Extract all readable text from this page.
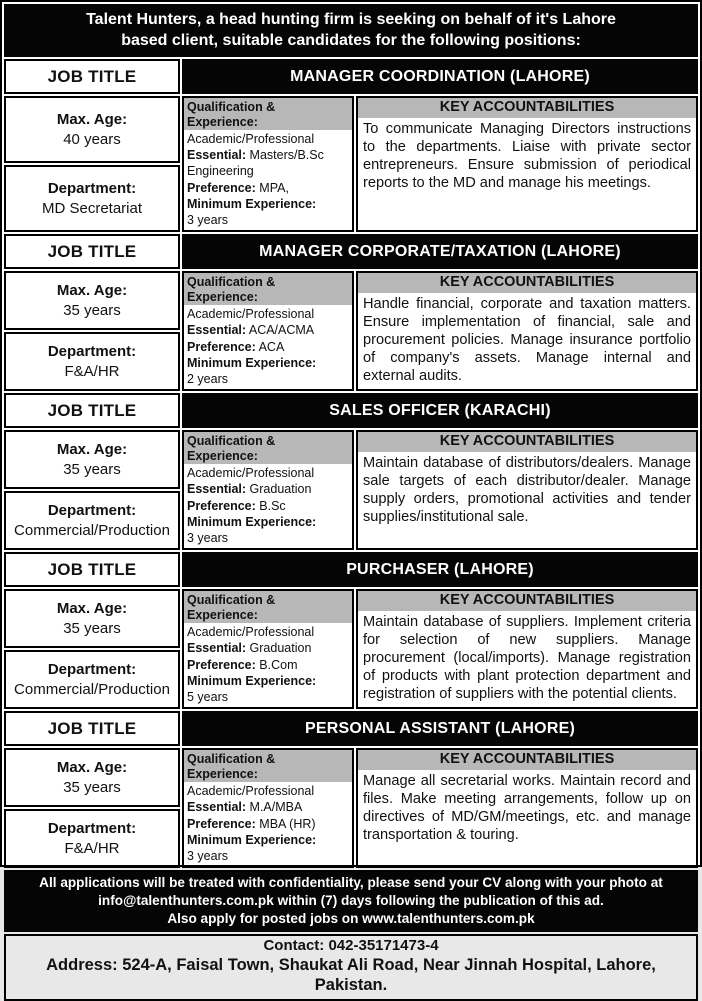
Talent Hunters, a head hunting firm is seeking on behalf of it's Lahore
based client, suitable candidates for the following positions:
JOB TITLE	MANAGER COORDINATION (LAHORE)
Max. Age:
40 years
Department:
MD Secretariat
Qualification & Experience:
Academic/Professional
Essential: Masters/B.Sc Engineering
Preference: MPA,
Minimum Experience:
3 years
KEY ACCOUNTABILITIES
To communicate Managing Directors instructions to the departments. Liaise with private sector entrepreneurs. Ensure submission of periodical reports to the MD and manage his meetings.
JOB TITLE	MANAGER CORPORATE/TAXATION (LAHORE)
Max. Age:
35 years
Department:
F&A/HR
Qualification & Experience:
Academic/Professional
Essential: ACA/ACMA
Preference: ACA
Minimum Experience:
2 years
KEY ACCOUNTABILITIES
Handle financial, corporate and taxation matters. Ensure implementation of financial, sale and procurement policies. Manage insurance portfolio of company's assets. Manage internal and external audits.
JOB TITLE	SALES OFFICER (KARACHI)
Max. Age:
35 years
Department:
Commercial/Production
Qualification & Experience:
Academic/Professional
Essential: Graduation
Preference: B.Sc
Minimum Experience:
3 years
KEY ACCOUNTABILITIES
Maintain database of distributors/dealers. Manage sale targets of each distributor/dealer. Manage supply orders, promotional activities and tender supplies/institutional sale.
JOB TITLE	PURCHASER (LAHORE)
Max. Age:
35 years
Department:
Commercial/Production
Qualification & Experience:
Academic/Professional
Essential: Graduation
Preference: B.Com
Minimum Experience:
5 years
KEY ACCOUNTABILITIES
Maintain database of suppliers. Implement criteria for selection of new suppliers. Manage procurement (local/imports). Manage registration of products with plant protection department and registration of suppliers with the potential clients.
JOB TITLE	PERSONAL ASSISTANT (LAHORE)
Max. Age:
35 years
Department:
F&A/HR
Qualification & Experience:
Academic/Professional
Essential: M.A/MBA
Preference: MBA (HR)
Minimum Experience:
3 years
KEY ACCOUNTABILITIES
Manage all secretarial works. Maintain record and files. Make meeting arrangements, follow up on directives of MD/GM/meetings, etc. and manage transportation & touring.
All applications will be treated with confidentiality, please send your CV along with your photo at
info@talenthunters.com.pk within (7) days following the publication of this ad.
Also apply for posted jobs on www.talenthunters.com.pk
Contact: 042-35171473-4
Address: 524-A, Faisal Town, Shaukat Ali Road, Near Jinnah Hospital, Lahore, Pakistan.
